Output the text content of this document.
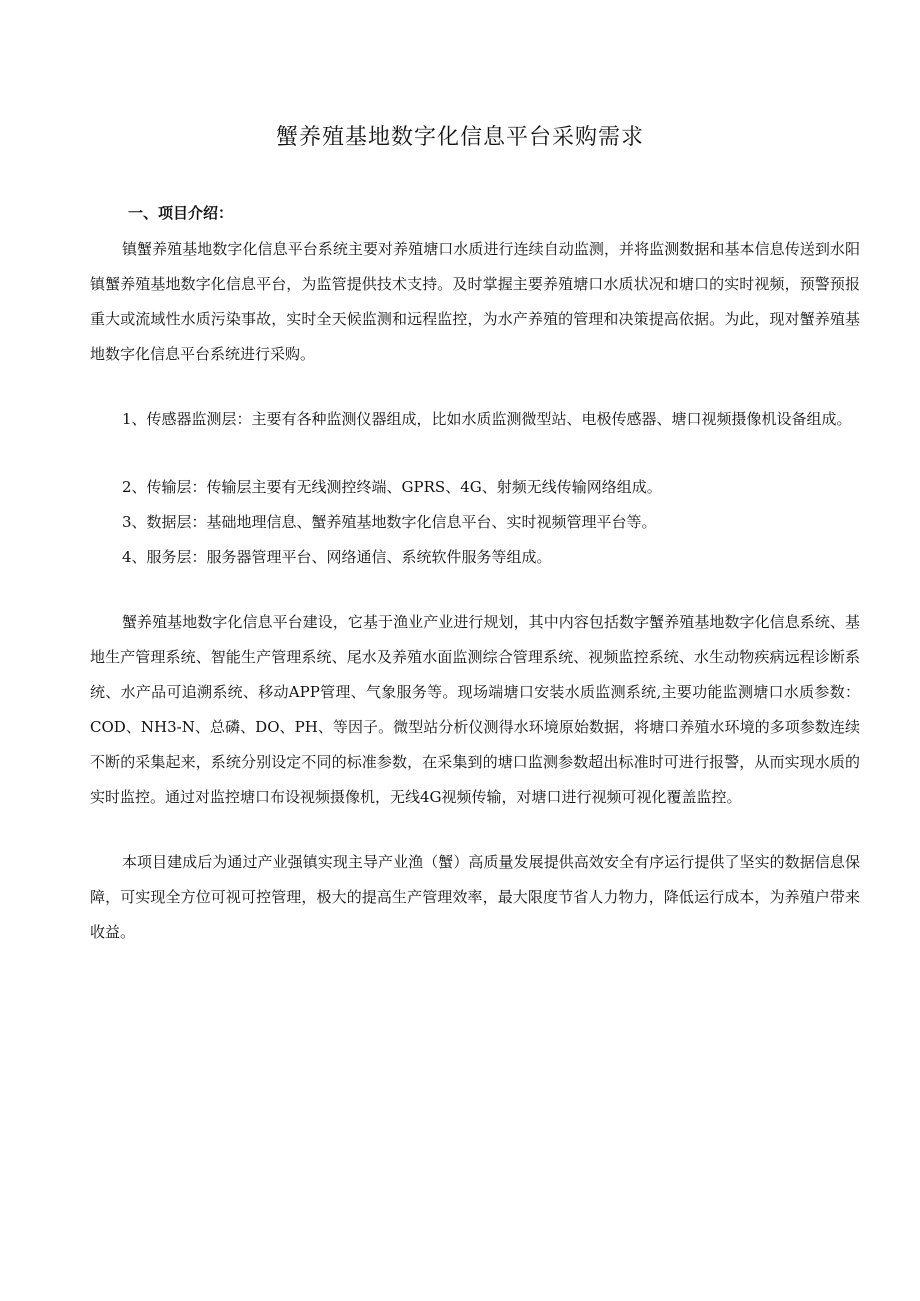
蟹养殖基地数字化信息平台采购需求
一、项目介绍：

镇蟹养殖基地数字化信息平台系统主要对养殖塘口水质进行连续自动监测，并将监测数据和基本信息传送到水阳镇蟹养殖基地数字化信息平台，为监管提供技术支持。及时掌握主要养殖塘口水质状况和塘口的实时视频，预警预报重大或流域性水质污染事故，实时全天候监测和远程监控，为水产养殖的管理和决策提高依据。为此，现对蟹养殖基地数字化信息平台系统进行采购。

1、传感器监测层：主要有各种监测仪器组成，比如水质监测微型站、电极传感器、塘口视频摄像机设备组成。

2、传输层：传输层主要有无线测控终端、GPRS、4G、射频无线传输网络组成。

3、数据层：基础地理信息、蟹养殖基地数字化信息平台、实时视频管理平台等。

4、服务层：服务器管理平台、网络通信、系统软件服务等组成。

蟹养殖基地数字化信息平台建设，它基于渔业产业进行规划，其中内容包括数字蟹养殖基地数字化信息系统、基地生产管理系统、智能生产管理系统、尾水及养殖水面监测综合管理系统、视频监控系统、水生动物疾病远程诊断系统、水产品可追溯系统、移动APP管理、气象服务等。现场端塘口安装水质监测系统,主要功能监测塘口水质参数：COD、NH3-N、总磷、DO、PH、等因子。微型站分析仪测得水环境原始数据，将塘口养殖水环境的多项参数连续不断的采集起来，系统分别设定不同的标准参数，在采集到的塘口监测参数超出标准时可进行报警，从而实现水质的实时监控。通过对监控塘口布设视频摄像机，无线4G视频传输，对塘口进行视频可视化覆盖监控。

本项目建成后为通过产业强镇实现主导产业渔（蟹）高质量发展提供高效安全有序运行提供了坚实的数据信息保障，可实现全方位可视可控管理，极大的提高生产管理效率，最大限度节省人力物力，降低运行成本，为养殖户带来收益。
